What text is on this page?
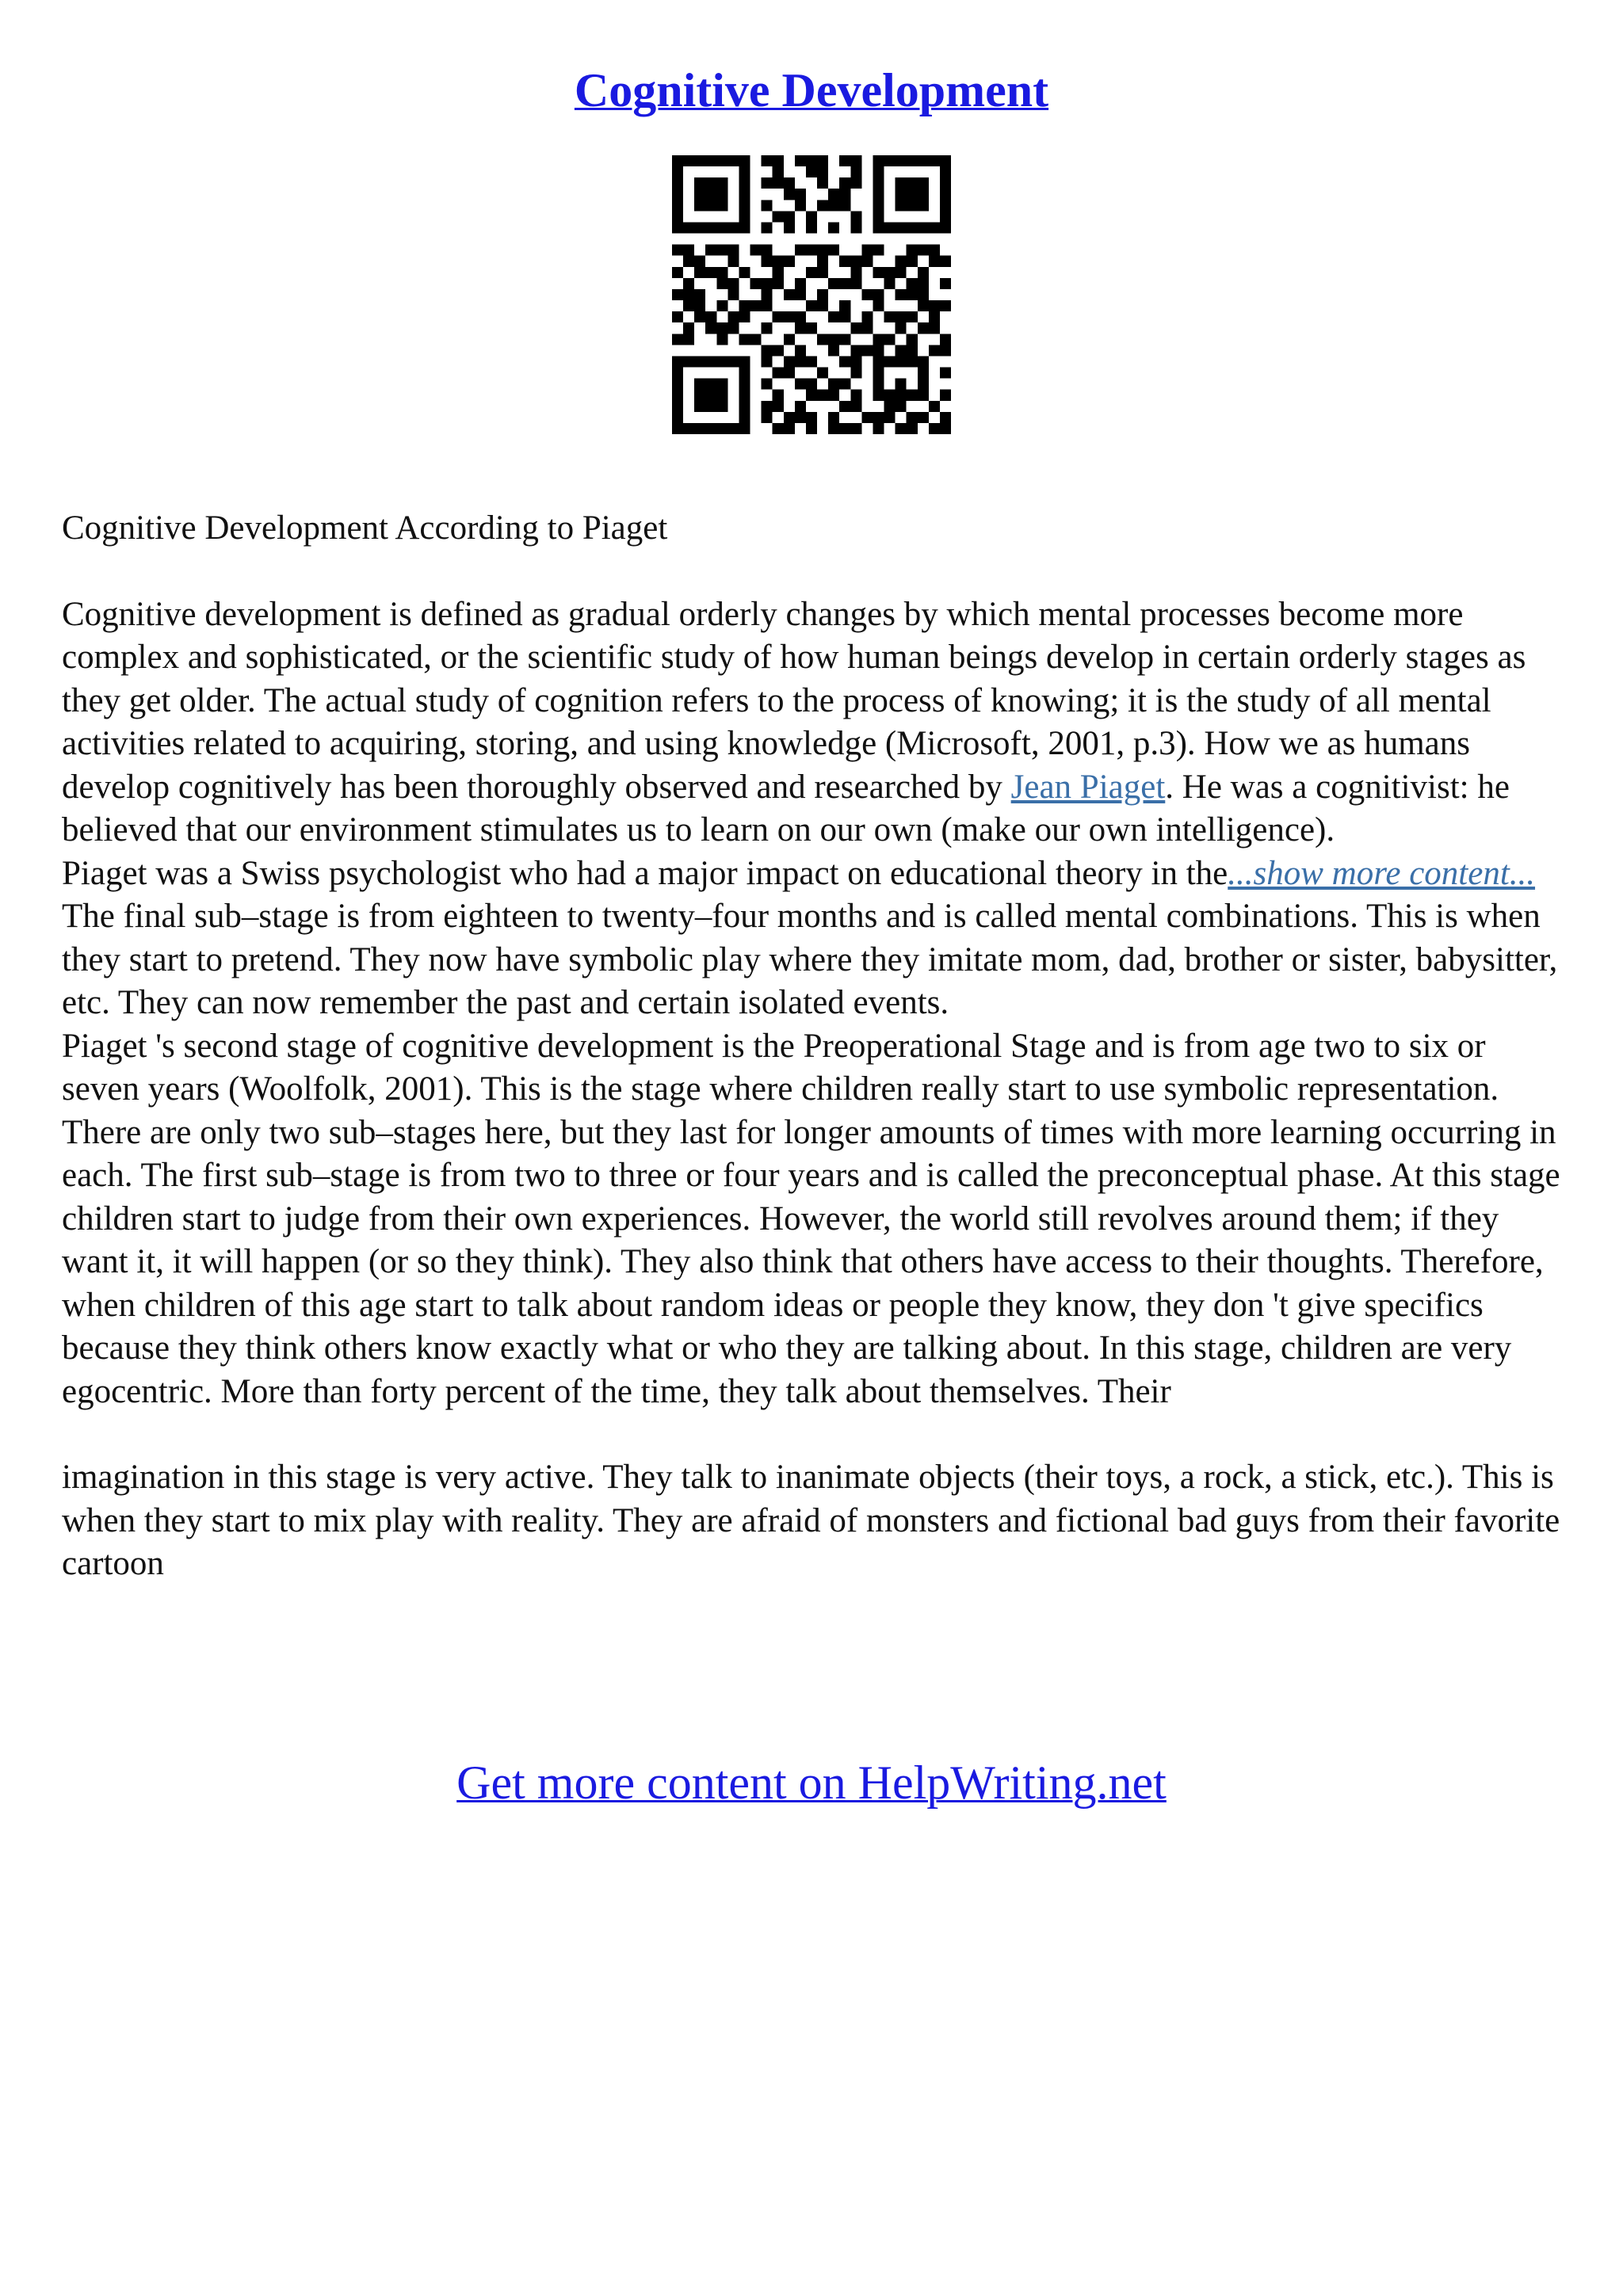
Cognitive Development

Cognitive Development According to Piaget

Cognitive development is defined as gradual orderly changes by which mental processes become more complex and sophisticated, or the scientific study of how human beings develop in certain orderly stages as they get older. The actual study of cognition refers to the process of knowing; it is the study of all mental activities related to acquiring, storing, and using knowledge (Microsoft, 2001, p.3). How we as humans develop cognitively has been thoroughly observed and researched by Jean Piaget. He was a cognitivist: he believed that our environment stimulates us to learn on our own (make our own intelligence).

Piaget was a Swiss psychologist who had a major impact on educational theory in the...show more content...

The final sub–stage is from eighteen to twenty–four months and is called mental combinations. This is when they start to pretend. They now have symbolic play where they imitate mom, dad, brother or sister, babysitter, etc. They can now remember the past and certain isolated events.

Piaget 's second stage of cognitive development is the Preoperational Stage and is from age two to six or seven years (Woolfolk, 2001). This is the stage where children really start to use symbolic representation. There are only two sub–stages here, but they last for longer amounts of times with more learning occurring in each. The first sub–stage is from two to three or four years and is called the preconceptual phase. At this stage children start to judge from their own experiences. However, the world still revolves around them; if they want it, it will happen (or so they think). They also think that others have access to their thoughts. Therefore, when children of this age start to talk about random ideas or people they know, they don 't give specifics because they think others know exactly what or who they are talking about. In this stage, children are very egocentric. More than forty percent of the time, they talk about themselves. Their

imagination in this stage is very active. They talk to inanimate objects (their toys, a rock, a stick, etc.). This is when they start to mix play with reality. They are afraid of monsters and fictional bad guys from their favorite cartoon

Get more content on HelpWriting.net
